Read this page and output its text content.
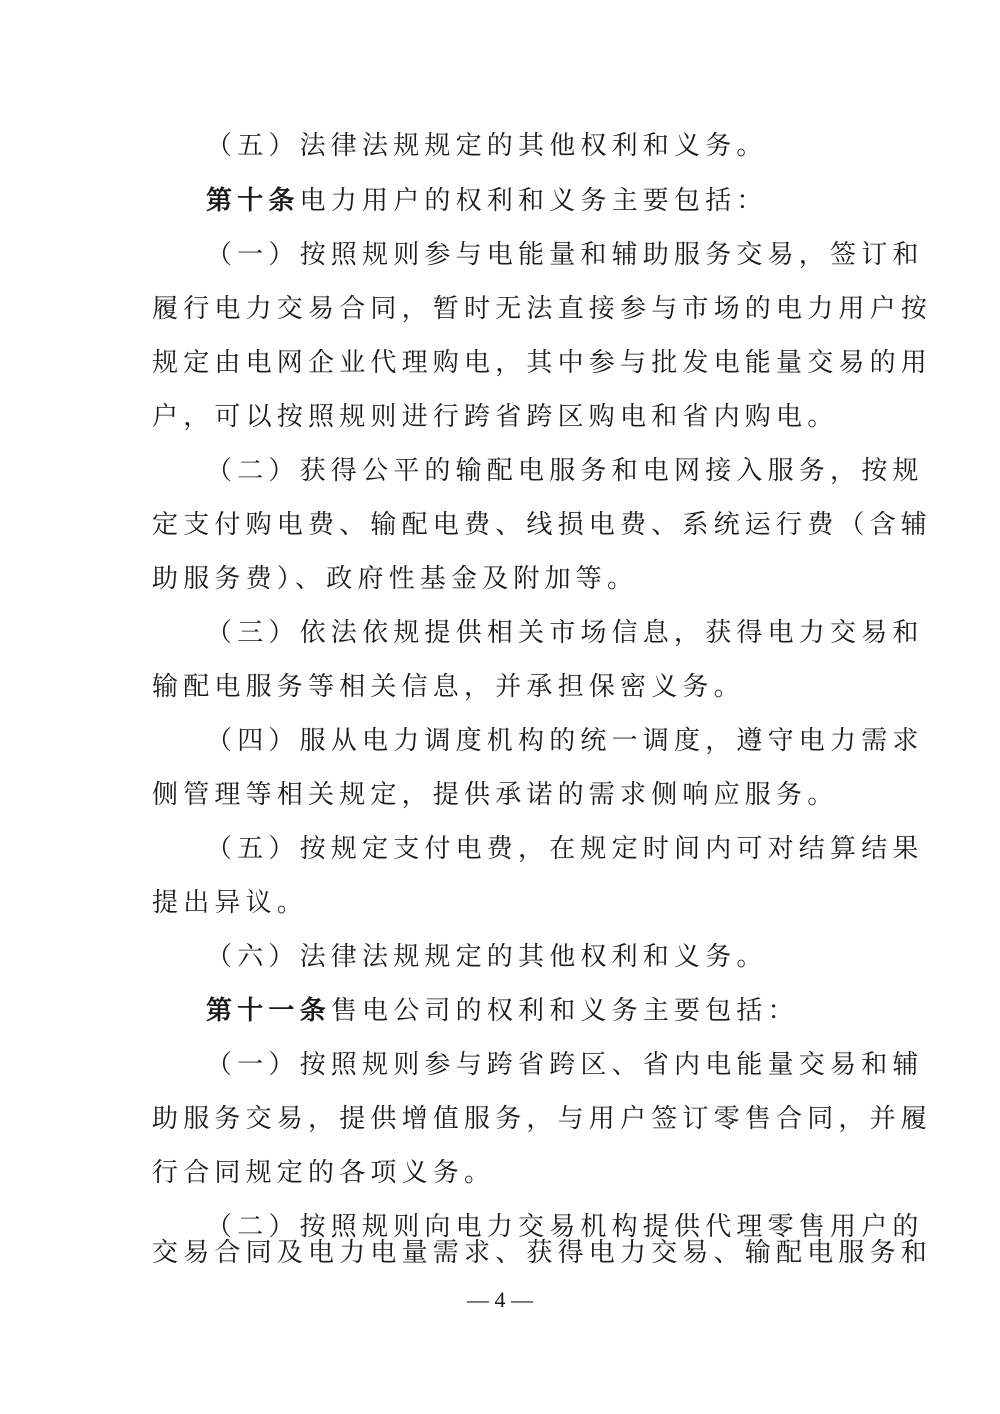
（五）法律法规规定的其他权利和义务。
第十条电力用户的权利和义务主要包括：
（一）按照规则参与电能量和辅助服务交易，签订和
履行电力交易合同，暂时无法直接参与市场的电力用户按
规定由电网企业代理购电，其中参与批发电能量交易的用
户，可以按照规则进行跨省跨区购电和省内购电。
（二）获得公平的输配电服务和电网接入服务，按规
定支付购电费、输配电费、线损电费、系统运行费（含辅
助服务费）、政府性基金及附加等。
（三）依法依规提供相关市场信息，获得电力交易和
输配电服务等相关信息，并承担保密义务。
（四）服从电力调度机构的统一调度，遵守电力需求
侧管理等相关规定，提供承诺的需求侧响应服务。
（五）按规定支付电费，在规定时间内可对结算结果
提出异议。
（六）法律法规规定的其他权利和义务。
第十一条售电公司的权利和义务主要包括：
（一）按照规则参与跨省跨区、省内电能量交易和辅
助服务交易，提供增值服务，与用户签订零售合同，并履
行合同规定的各项义务。
（二）按照规则向电力交易机构提供代理零售用户的
交易合同及电力电量需求、获得电力交易、输配电服务和
— 4 —
